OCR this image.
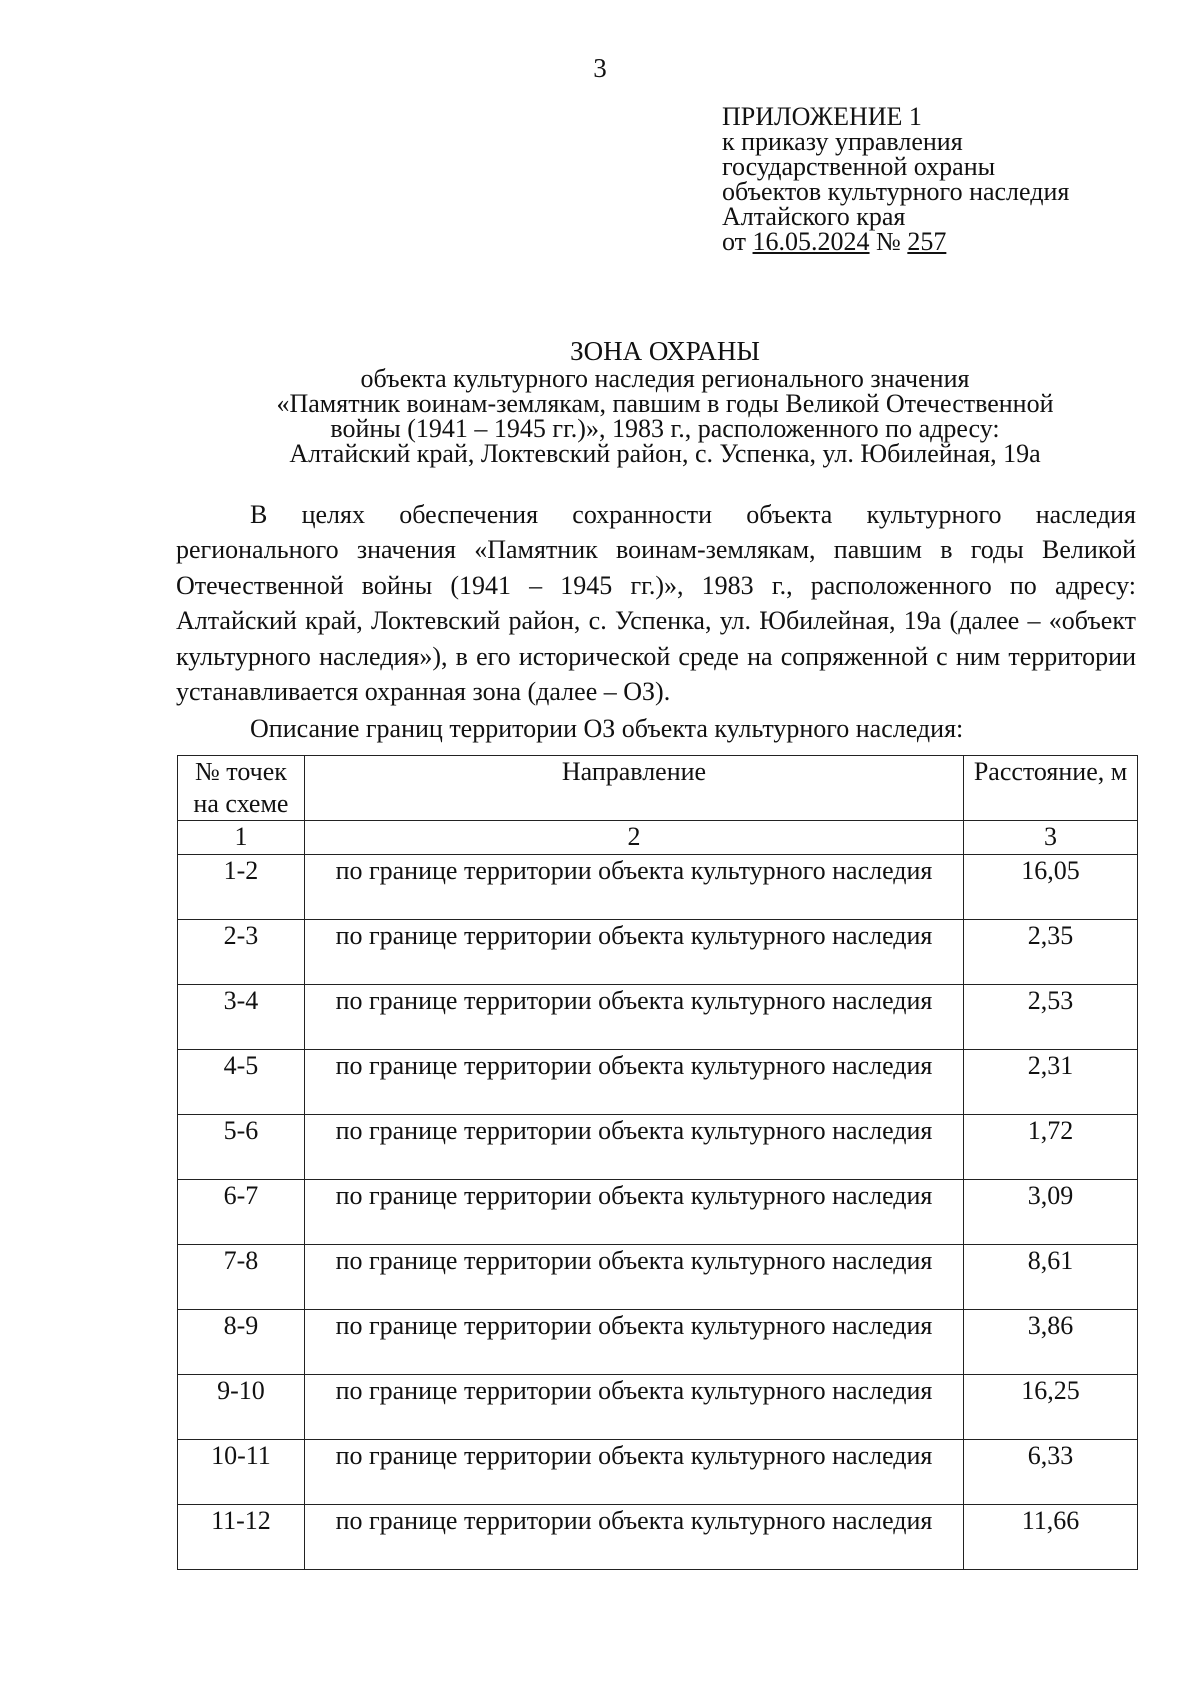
3
ПРИЛОЖЕНИЕ 1
к приказу управления
государственной охраны
объектов культурного наследия
Алтайского края
от 16.05.2024 № 257
ЗОНА ОХРАНЫ
объекта культурного наследия регионального значения
«Памятник воинам-землякам, павшим в годы Великой Отечественной
войны (1941 – 1945 гг.)», 1983 г., расположенного по адресу:
Алтайский край, Локтевский район, с. Успенка, ул. Юбилейная, 19а

В целях обеспечения сохранности объекта культурного наследия регионального значения «Памятник воинам-землякам, павшим в годы Великой Отечественной войны (1941 – 1945 гг.)», 1983 г., расположенного по адресу: Алтайский край, Локтевский район, с. Успенка, ул. Юбилейная, 19а (далее – «объект культурного наследия»), в его исторической среде на сопряженной с ним территории устанавливается охранная зона (далее – ОЗ).

Описание границ территории ОЗ объекта культурного наследия:

№ точек на схеме	Направление	Расстояние, м
1	2	3
1-2	по границе территории объекта культурного наследия	16,05
2-3	по границе территории объекта культурного наследия	2,35
3-4	по границе территории объекта культурного наследия	2,53
4-5	по границе территории объекта культурного наследия	2,31
5-6	по границе территории объекта культурного наследия	1,72
6-7	по границе территории объекта культурного наследия	3,09
7-8	по границе территории объекта культурного наследия	8,61
8-9	по границе территории объекта культурного наследия	3,86
9-10	по границе территории объекта культурного наследия	16,25
10-11	по границе территории объекта культурного наследия	6,33
11-12	по границе территории объекта культурного наследия	11,66
